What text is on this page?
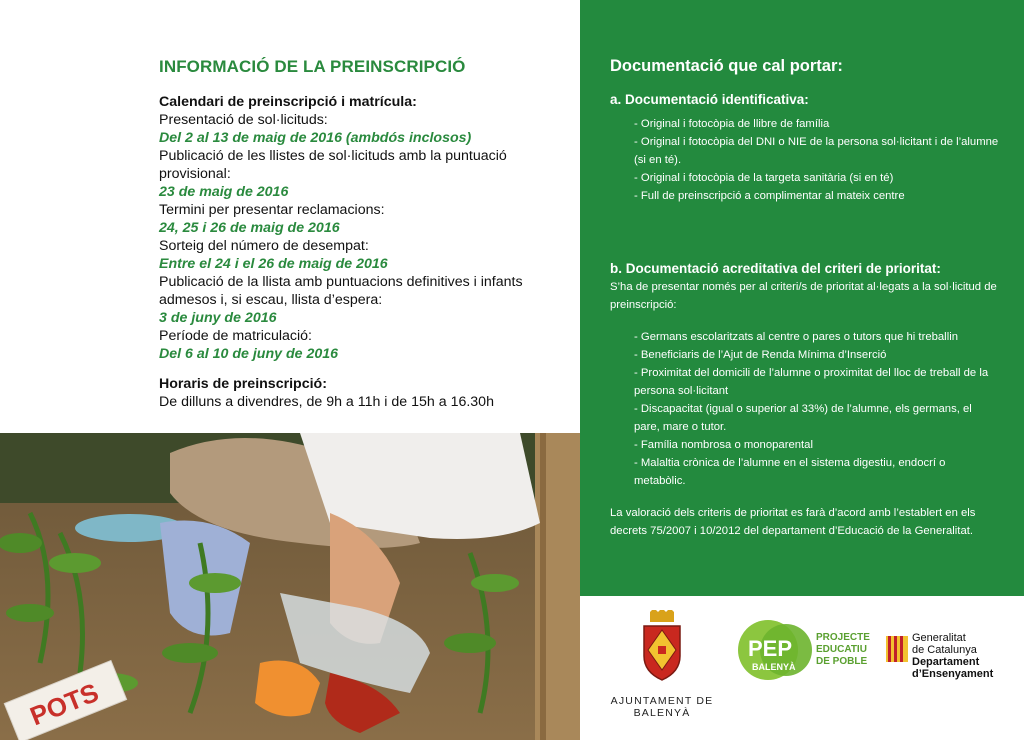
INFORMACIÓ DE LA PREINSCRIPCIÓ

Calendari de preinscripció i matrícula:

Presentació de sol·licituds:

Del 2 al 13 de maig de 2016 (ambdós inclosos)

Publicació de les llistes de sol·licituds amb la puntuació provisional:

23 de maig de 2016

Termini per presentar reclamacions:

24, 25 i 26 de maig de 2016

Sorteig del número de desempat:

Entre el 24 i el 26 de maig de 2016

Publicació de la llista amb puntuacions definitives i infants admesos i, si escau, llista d’espera:

3 de juny de 2016

Període de matriculació:

Del 6 al 10 de juny de 2016

Horaris de preinscripció:

De dilluns a divendres, de 9h a 11h i de 15h a 16.30h

POTS
Documentació que cal portar:
a. Documentació identificativa:
- Original i fotocòpia de llibre de família
- Original i fotocòpia del DNI o NIE de la persona sol·licitant i de l’alumne (si en té).
- Original i fotocòpia de la targeta sanitària (si en té)
- Full de preinscripció a complimentar al mateix centre
b. Documentació acreditativa del criteri de prioritat:

S’ha de presentar només per al criteri/s de prioritat al·legats a la sol·licitud de preinscripció:

- Germans escolaritzats al centre o pares o tutors que hi treballin
- Beneficiaris de l’Ajut de Renda Mínima d’Inserció
- Proximitat del domicili de l’alumne o proximitat del lloc de treball de la persona sol·licitant
- Discapacitat (igual o superior al 33%) de l’alumne, els germans, el pare, mare o tutor.
- Família nombrosa o monoparental
- Malaltia crònica de l’alumne en el sistema digestiu, endocrí o metabòlic.

La valoració dels criteris de prioritat es farà d’acord amb l’establert en els decrets 75/2007 i 10/2012 del departament d’Educació de la Generalitat.

AJUNTAMENT DE BALENYÀ
PEP
BALENYÀ
PROJECTE
EDUCATIU
DE POBLE
Generalitat
de Catalunya
Departament
d’Ensenyament
